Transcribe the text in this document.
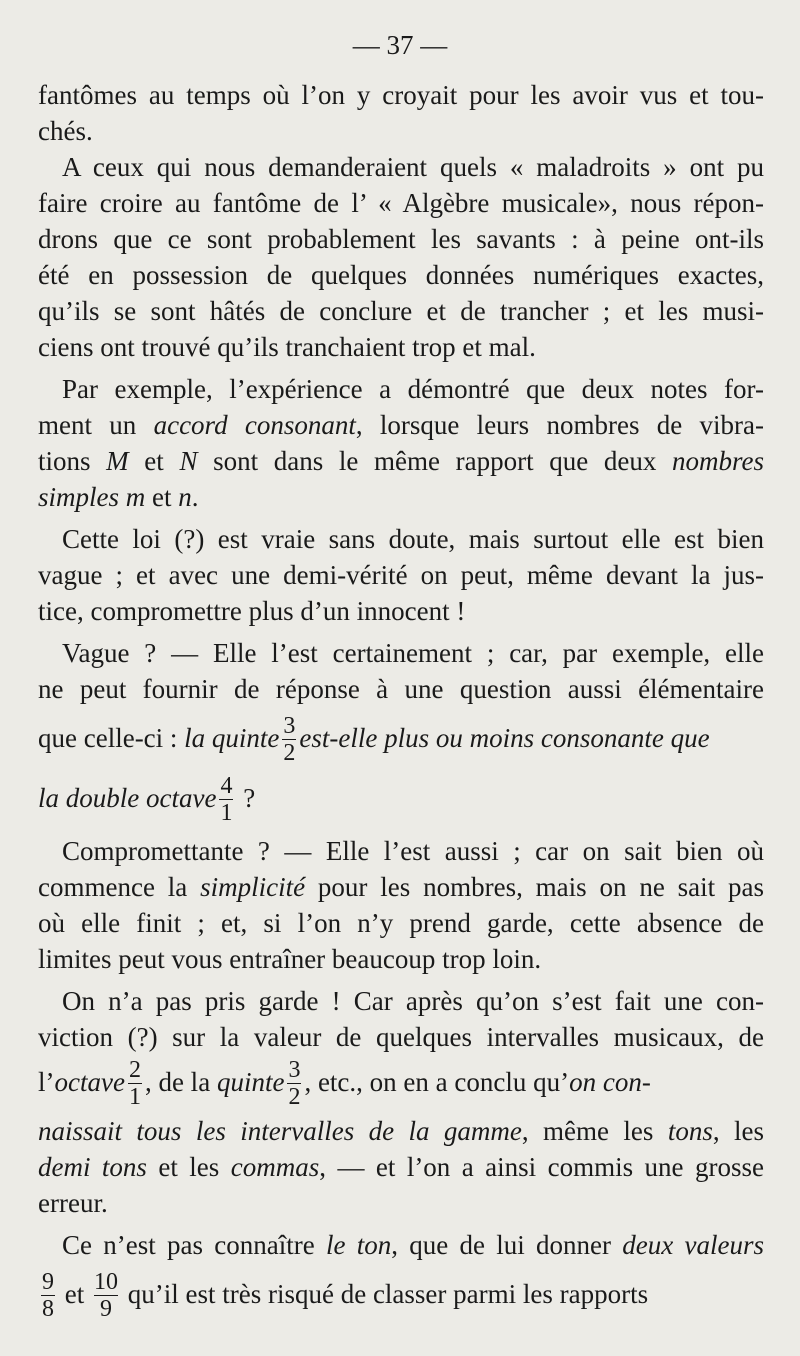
— 37 —
fantômes au temps où l’on y croyait pour les avoir vus et tou-
chés.
A ceux qui nous demanderaient quels « maladroits » ont pu
faire croire au fantôme de l’ « Algèbre musicale», nous répon-
drons que ce sont probablement les savants : à peine ont-ils
été en possession de quelques données numériques exactes,
qu’ils se sont hâtés de conclure et de trancher ; et les musi-
ciens ont trouvé qu’ils tranchaient trop et mal.
Par exemple, l’expérience a démontré que deux notes for-
ment un accord consonant, lorsque leurs nombres de vibra-
tions M et N sont dans le même rapport que deux nombres
simples m et n.
Cette loi (?) est vraie sans doute, mais surtout elle est bien
vague ; et avec une demi-vérité on peut, même devant la jus-
tice, compromettre plus d’un innocent !
Vague ? — Elle l’est certainement ; car, par exemple, elle
ne peut fournir de réponse à une question aussi élémentaire
que celle-ci : la quinte $\frac{3}{2}$ est-elle plus ou moins consonante que
la double octave $\frac{4}{1}$ ?
Compromettante ? — Elle l’est aussi ; car on sait bien où
commence la simplicité pour les nombres, mais on ne sait pas
où elle finit ; et, si l’on n’y prend garde, cette absence de
limites peut vous entraîner beaucoup trop loin.
On n’a pas pris garde ! Car après qu’on s’est fait une con-
viction (?) sur la valeur de quelques intervalles musicaux, de
l’octave $\frac{2}{1}$ , de la quinte $\frac{3}{2}$ , etc., on en a conclu qu’on con-
naissait tous les intervalles de la gamme, même les tons, les
demi tons et les commas, — et l’on a ainsi commis une grosse
erreur.
Ce n’est pas connaître le ton, que de lui donner deux valeurs
$\frac{9}{8}$ et $\frac{10}{9}$ qu’il est très risqué de classer parmi les rapports
